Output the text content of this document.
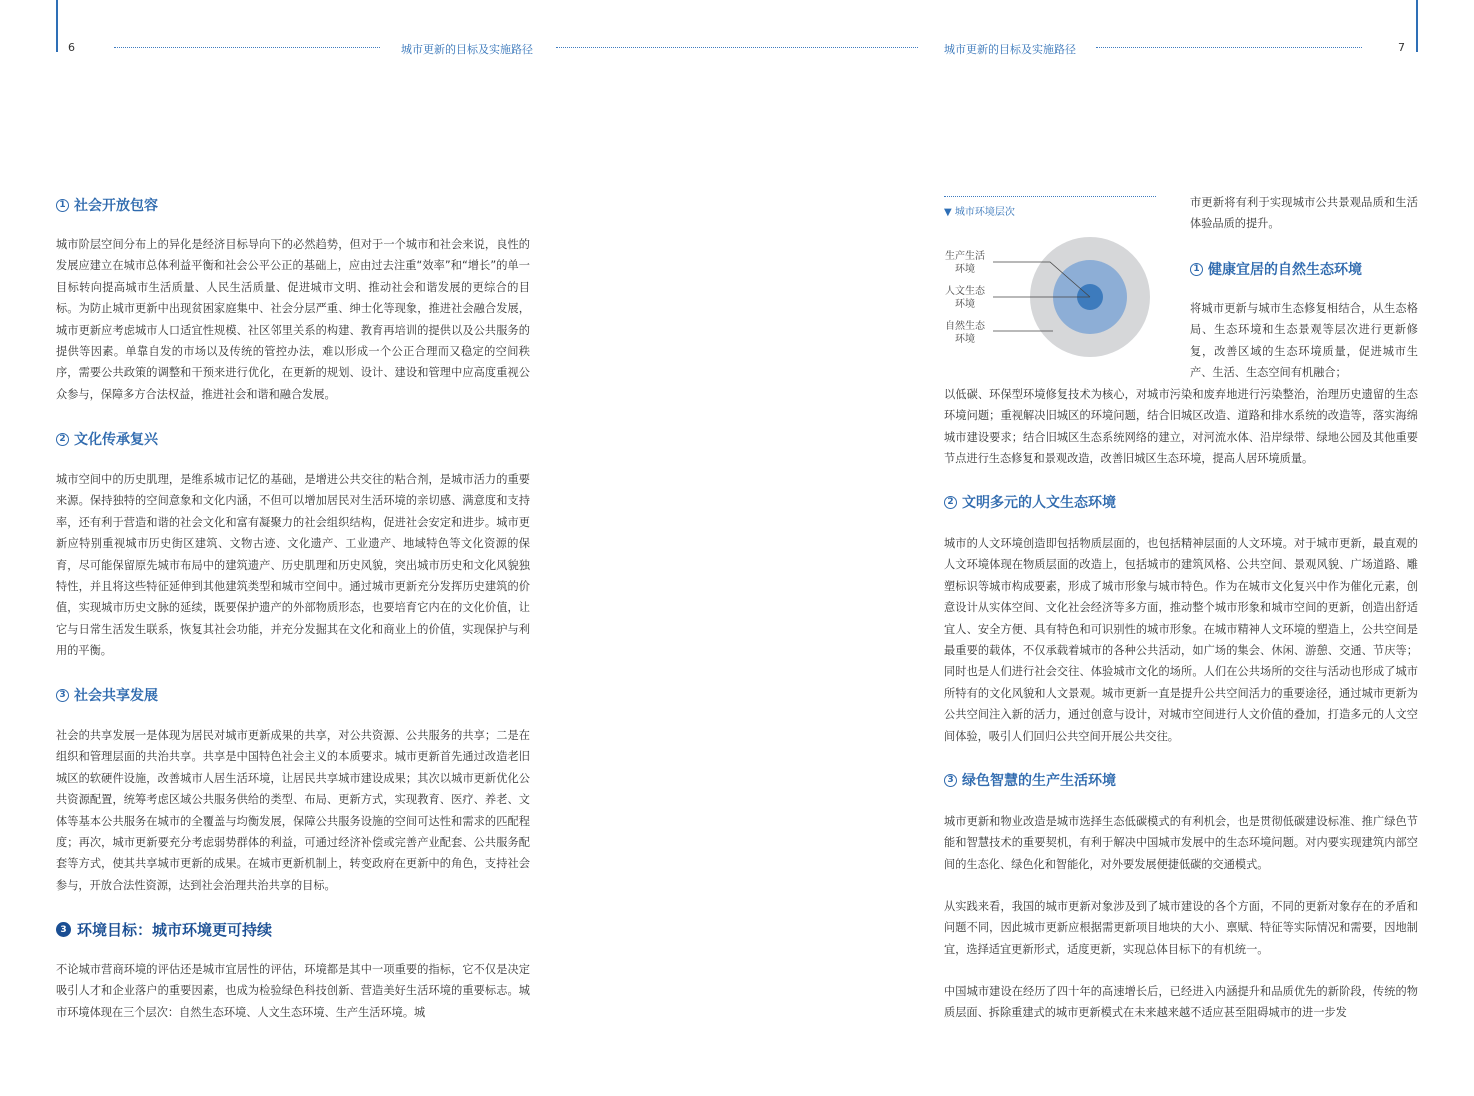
6	城市更新的目标及实施路径	城市更新的目标及实施路径	7
1 社会开放包容

城市阶层空间分布上的异化是经济目标导向下的必然趋势，但对于一个城市和社会来说，良性的发展应建立在城市总体利益平衡和社会公平公正的基础上，应由过去注重“效率”和“增长”的单一目标转向提高城市生活质量、人民生活质量、促进城市文明、推动社会和谐发展的更综合的目标。为防止城市更新中出现贫困家庭集中、社会分层严重、绅士化等现象，推进社会融合发展，城市更新应考虑城市人口适宜性规模、社区邻里关系的构建、教育再培训的提供以及公共服务的提供等因素。单靠自发的市场以及传统的管控办法，难以形成一个公正合理而又稳定的空间秩序，需要公共政策的调整和干预来进行优化，在更新的规划、设计、建设和管理中应高度重视公众参与，保障多方合法权益，推进社会和谐和融合发展。

2 文化传承复兴

城市空间中的历史肌理，是维系城市记忆的基础，是增进公共交往的粘合剂，是城市活力的重要来源。保持独特的空间意象和文化内涵，不但可以增加居民对生活环境的亲切感、满意度和支持率，还有利于营造和谐的社会文化和富有凝聚力的社会组织结构，促进社会安定和进步。城市更新应特别重视城市历史街区建筑、文物古迹、文化遗产、工业遗产、地域特色等文化资源的保育，尽可能保留原先城市布局中的建筑遗产、历史肌理和历史风貌，突出城市历史和文化风貌独特性，并且将这些特征延伸到其他建筑类型和城市空间中。通过城市更新充分发挥历史建筑的价值，实现城市历史文脉的延续，既要保护遗产的外部物质形态，也要培育它内在的文化价值，让它与日常生活发生联系，恢复其社会功能，并充分发掘其在文化和商业上的价值，实现保护与利用的平衡。

3 社会共享发展

社会的共享发展一是体现为居民对城市更新成果的共享，对公共资源、公共服务的共享；二是在组织和管理层面的共治共享。共享是中国特色社会主义的本质要求。城市更新首先通过改造老旧城区的软硬件设施，改善城市人居生活环境，让居民共享城市建设成果；其次以城市更新优化公共资源配置，统筹考虑区域公共服务供给的类型、布局、更新方式，实现教育、医疗、养老、文体等基本公共服务在城市的全覆盖与均衡发展，保障公共服务设施的空间可达性和需求的匹配程度；再次，城市更新要充分考虑弱势群体的利益，可通过经济补偿或完善产业配套、公共服务配套等方式，使其共享城市更新的成果。在城市更新机制上，转变政府在更新中的角色，支持社会参与，开放合法性资源，达到社会治理共治共享的目标。

3 环境目标：城市环境更可持续

不论城市营商环境的评估还是城市宜居性的评估，环境都是其中一项重要的指标，它不仅是决定吸引人才和企业落户的重要因素，也成为检验绿色科技创新、营造美好生活环境的重要标志。城市环境体现在三个层次：自然生态环境、人文生态环境、生产生活环境。城

▼ 城市环境层次
生产生活环境
人文生态环境
自然生态环境

市更新将有利于实现城市公共景观品质和生活体验品质的提升。

1 健康宜居的自然生态环境

将城市更新与城市生态修复相结合，从生态格局、生态环境和生态景观等层次进行更新修复，改善区域的生态环境质量，促进城市生产、生活、生态空间有机融合；

以低碳、环保型环境修复技术为核心，对城市污染和废弃地进行污染整治，治理历史遗留的生态环境问题；重视解决旧城区的环境问题，结合旧城区改造、道路和排水系统的改造等，落实海绵城市建设要求；结合旧城区生态系统网络的建立，对河流水体、沿岸绿带、绿地公园及其他重要节点进行生态修复和景观改造，改善旧城区生态环境，提高人居环境质量。

2 文明多元的人文生态环境

城市的人文环境创造即包括物质层面的，也包括精神层面的人文环境。对于城市更新，最直观的人文环境体现在物质层面的改造上，包括城市的建筑风格、公共空间、景观风貌、广场道路、雕塑标识等城市构成要素，形成了城市形象与城市特色。作为在城市文化复兴中作为催化元素，创意设计从实体空间、文化社会经济等多方面，推动整个城市形象和城市空间的更新，创造出舒适宜人、安全方便、具有特色和可识别性的城市形象。在城市精神人文环境的塑造上，公共空间是最重要的载体，不仅承载着城市的各种公共活动，如广场的集会、休闲、游憩、交通、节庆等；同时也是人们进行社会交往、体验城市文化的场所。人们在公共场所的交往与活动也形成了城市所特有的文化风貌和人文景观。城市更新一直是提升公共空间活力的重要途径，通过城市更新为公共空间注入新的活力，通过创意与设计，对城市空间进行人文价值的叠加，打造多元的人文空间体验，吸引人们回归公共空间开展公共交往。

3 绿色智慧的生产生活环境

城市更新和物业改造是城市选择生态低碳模式的有利机会，也是贯彻低碳建设标准、推广绿色节能和智慧技术的重要契机，有利于解决中国城市发展中的生态环境问题。对内要实现建筑内部空间的生态化、绿色化和智能化，对外要发展便捷低碳的交通模式。

从实践来看，我国的城市更新对象涉及到了城市建设的各个方面，不同的更新对象存在的矛盾和问题不同，因此城市更新应根据需更新项目地块的大小、禀赋、特征等实际情况和需要，因地制宜，选择适宜更新形式，适度更新，实现总体目标下的有机统一。

中国城市建设在经历了四十年的高速增长后，已经进入内涵提升和品质优先的新阶段，传统的物质层面、拆除重建式的城市更新模式在未来越来越不适应甚至阻碍城市的进一步发
